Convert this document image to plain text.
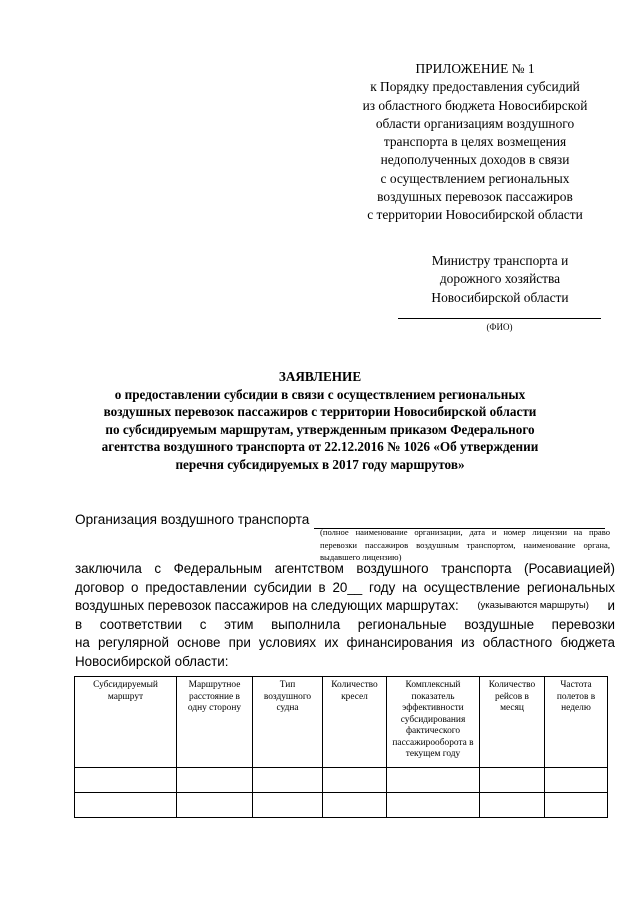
ПРИЛОЖЕНИЕ № 1
к Порядку предоставления субсидий
из областного бюджета Новосибирской
области организациям воздушного
транспорта в целях возмещения
недополученных доходов в связи
с осуществлением региональных
воздушных перевозок пассажиров
с территории Новосибирской области
Министру транспорта и
дорожного хозяйства
Новосибирской области
(ФИО)
ЗАЯВЛЕНИЕ
о предоставлении субсидии в связи с осуществлением региональных
воздушных перевозок пассажиров с территории Новосибирской области
по субсидируемым маршрутам, утвержденным приказом Федерального
агентства воздушного транспорта от 22.12.2016 № 1026 «Об утверждении
перечня субсидируемых в 2017 году маршрутов»
Организация воздушного транспорта
(полное наименование организации, дата и номер лицензии на право перевозки пассажиров воздушным транспортом, наименование органа, выдавшего лицензию)
заключила с Федеральным агентством воздушного транспорта (Росавиацией)
договор о предоставлении субсидии в 20__ году на осуществление региональных
воздушных перевозок пассажиров на следующих маршрутах: (указываются маршруты) и
в соответствии с этим выполнила региональные воздушные перевозки
на регулярной основе при условиях их финансирования из областного бюджета
Новосибирской области:
Субсидируемый маршрут	Маршрутное расстояние в одну сторону	Тип воздушного судна	Количество кресел	Комплексный показатель эффективности субсидирования фактического пассажирооборота в текущем году	Количество рейсов в месяц	Частота полетов в неделю
